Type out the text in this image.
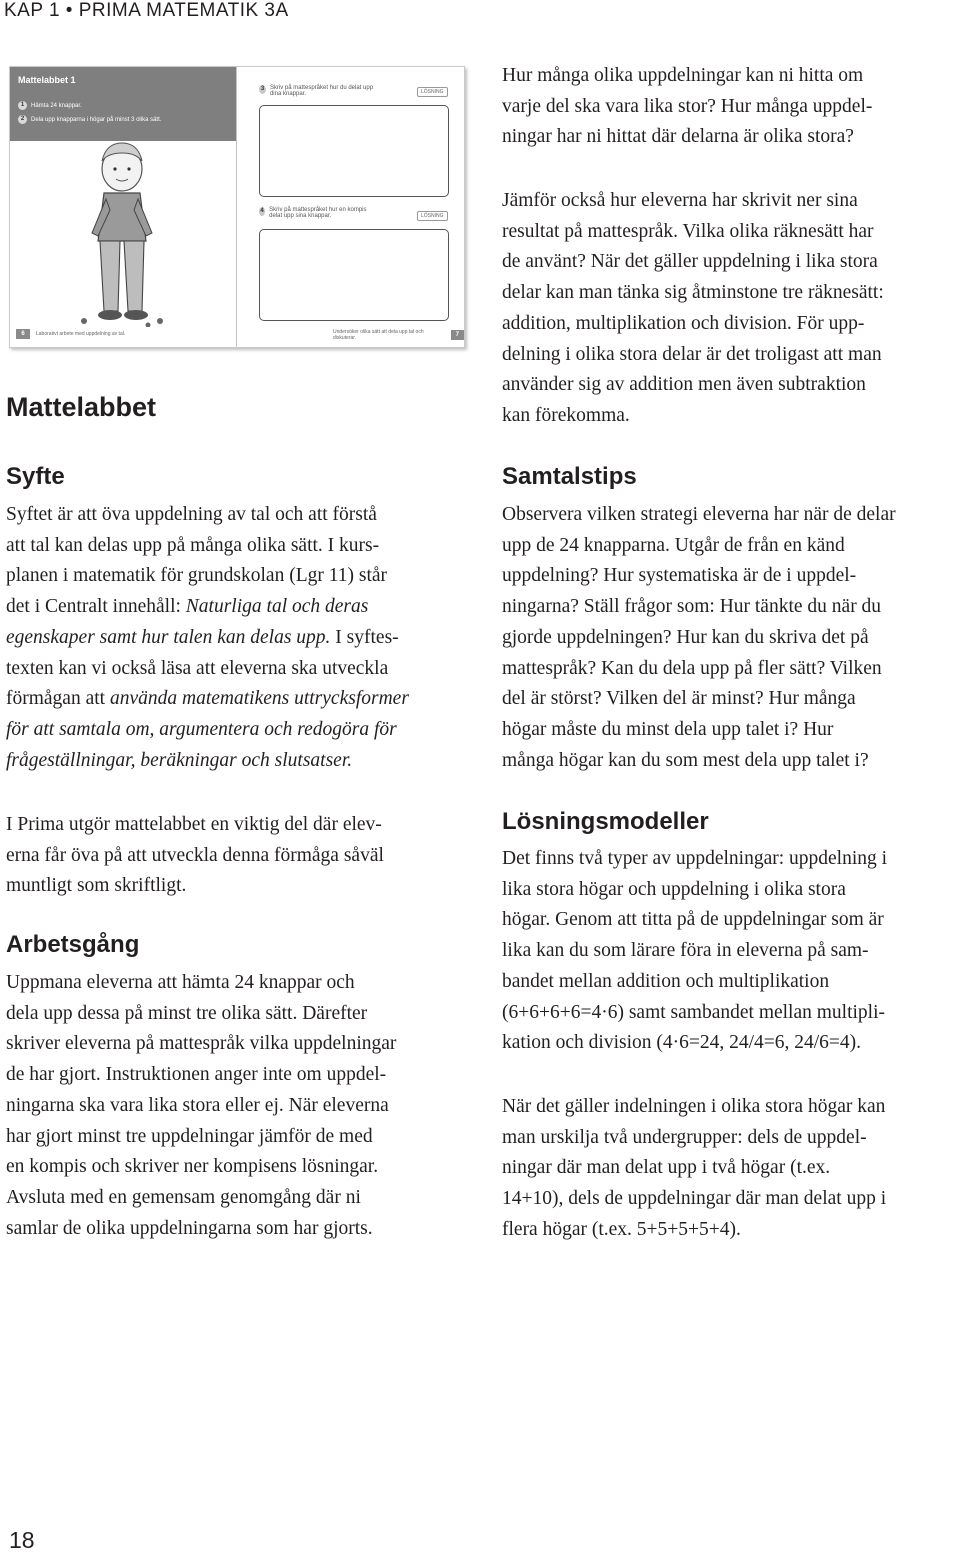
KAP 1 • PRIMA MATEMATIK 3A
Mattelabbet 1
1	Hämta 24 knappar.
2	Dela upp knapparna i högar på minst 3 olika sätt.
6	Laborativt arbete med uppdelning av tal.
3 Skriv på mattespråket hur du delat upp dina knappar.	LÖSNING
4 Skriv på mattespråket hur en kompis delat upp sina knappar.	LÖSNING
Undersöker olika sätt att dela upp tal och diskuterar.	7
Mattelabbet
Syfte

Syftet är att öva uppdelning av tal och att förstå

att tal kan delas upp på många olika sätt. I kurs-

planen i matematik för grundskolan (Lgr 11) står

det i Centralt innehåll: Naturliga tal och deras

egenskaper samt hur talen kan delas upp. I syftes-

texten kan vi också läsa att eleverna ska utveckla

förmågan att använda matematikens uttrycksformer

för att samtala om, argumentera och redogöra för

frågeställningar, beräkningar och slutsatser.

I Prima utgör mattelabbet en viktig del där elev-

erna får öva på att utveckla denna förmåga såväl

muntligt som skriftligt.

Arbetsgång

Uppmana eleverna att hämta 24 knappar och

dela upp dessa på minst tre olika sätt. Därefter

skriver eleverna på mattespråk vilka uppdelningar

de har gjort. Instruktionen anger inte om uppdel-

ningarna ska vara lika stora eller ej. När eleverna

har gjort minst tre uppdelningar jämför de med

en kompis och skriver ner kompisens lösningar.

Avsluta med en gemensam genomgång där ni

samlar de olika uppdelningarna som har gjorts.

Hur många olika uppdelningar kan ni hitta om

varje del ska vara lika stor? Hur många uppdel-

ningar har ni hittat där delarna är olika stora?

Jämför också hur eleverna har skrivit ner sina

resultat på mattespråk. Vilka olika räknesätt har

de använt? När det gäller uppdelning i lika stora

delar kan man tänka sig åtminstone tre räknesätt:

addition, multiplikation och division. För upp-

delning i olika stora delar är det troligast att man

använder sig av addition men även subtraktion

kan förekomma.

Samtalstips

Observera vilken strategi eleverna har när de delar

upp de 24 knapparna. Utgår de från en känd

uppdelning? Hur systematiska är de i uppdel-

ningarna? Ställ frågor som: Hur tänkte du när du

gjorde uppdelningen? Hur kan du skriva det på

mattespråk? Kan du dela upp på fler sätt? Vilken

del är störst? Vilken del är minst? Hur många

högar måste du minst dela upp talet i? Hur

många högar kan du som mest dela upp talet i?

Lösningsmodeller

Det finns två typer av uppdelningar: uppdelning i

lika stora högar och uppdelning i olika stora

högar. Genom att titta på de uppdelningar som är

lika kan du som lärare föra in eleverna på sam-

bandet mellan addition och multiplikation

(6+6+6+6=4·6) samt sambandet mellan multipli-

kation och division (4·6=24, 24/4=6, 24/6=4).

När det gäller indelningen i olika stora högar kan

man urskilja två undergrupper: dels de uppdel-

ningar där man delat upp i två högar (t.ex.

14+10), dels de uppdelningar där man delat upp i

flera högar (t.ex. 5+5+5+5+4).

18
